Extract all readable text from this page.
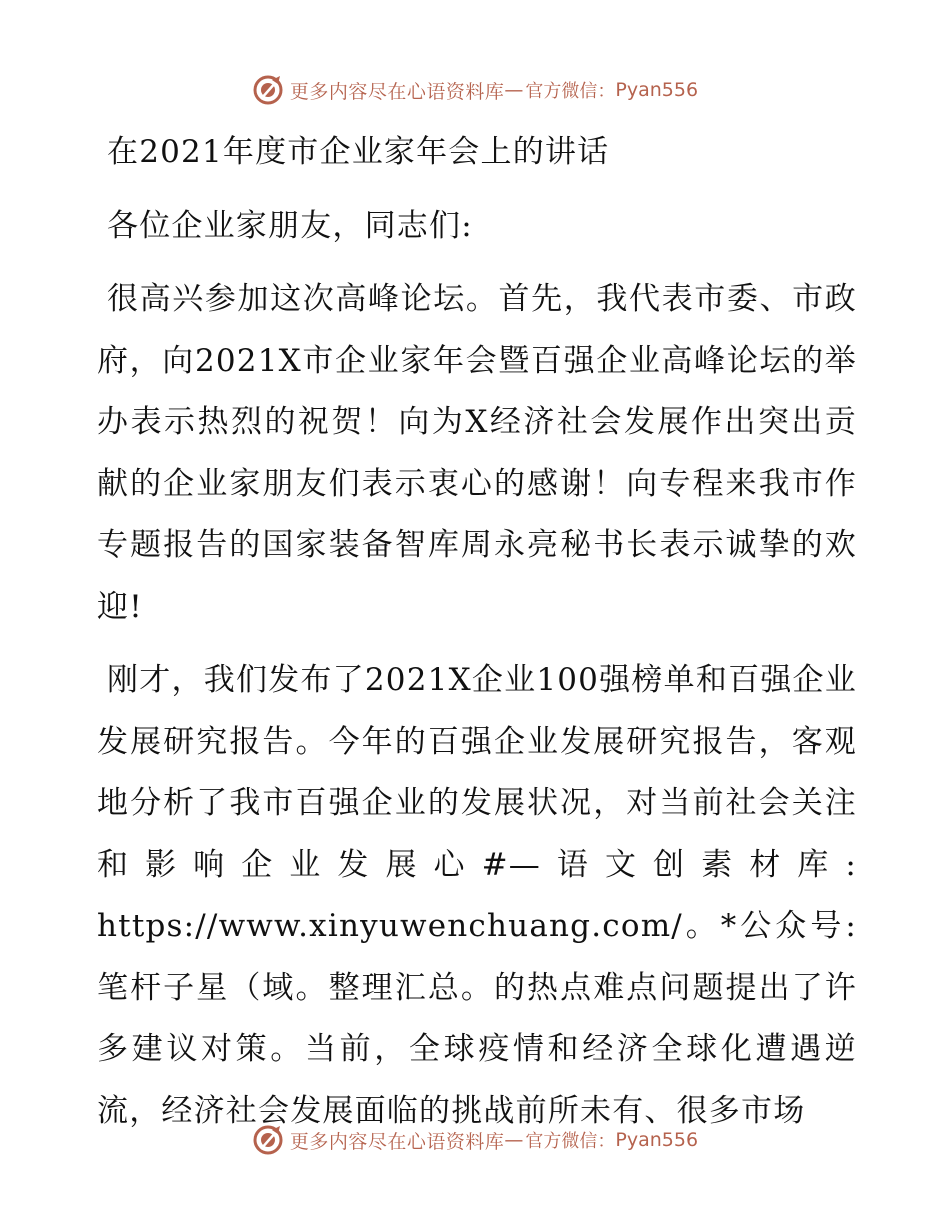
更多内容尽在心语资料库 — 官方微信： Pyan556

在2021年度市企业家年会上的讲话

各位企业家朋友，同志们:

很高兴参加这次高峰论坛。首先，我代表市委、市政府，向2021X市企业家年会暨百强企业高峰论坛的举办表示热烈的祝贺！向为X经济社会发展作出突出贡献的企业家朋友们表示衷心的感谢！向专程来我市作专题报告的国家装备智库周永亮秘书长表示诚挚的欢迎!

刚才，我们发布了2021X企业100强榜单和百强企业发展研究报告。今年的百强企业发展研究报告，客观地分析了我市百强企业的发展状况，对当前社会关注和影响企业发展心#—语文创素材库: https://www.xinyuwenchuang.com/。*公众号: 笔杆子星（域。整理汇总。的热点难点问题提出了许多建议对策。当前，全球疫情和经济全球化遭遇逆流，经济社会发展面临的挑战前所未有、很多市场

更多内容尽在心语资料库 — 官方微信： Pyan556
